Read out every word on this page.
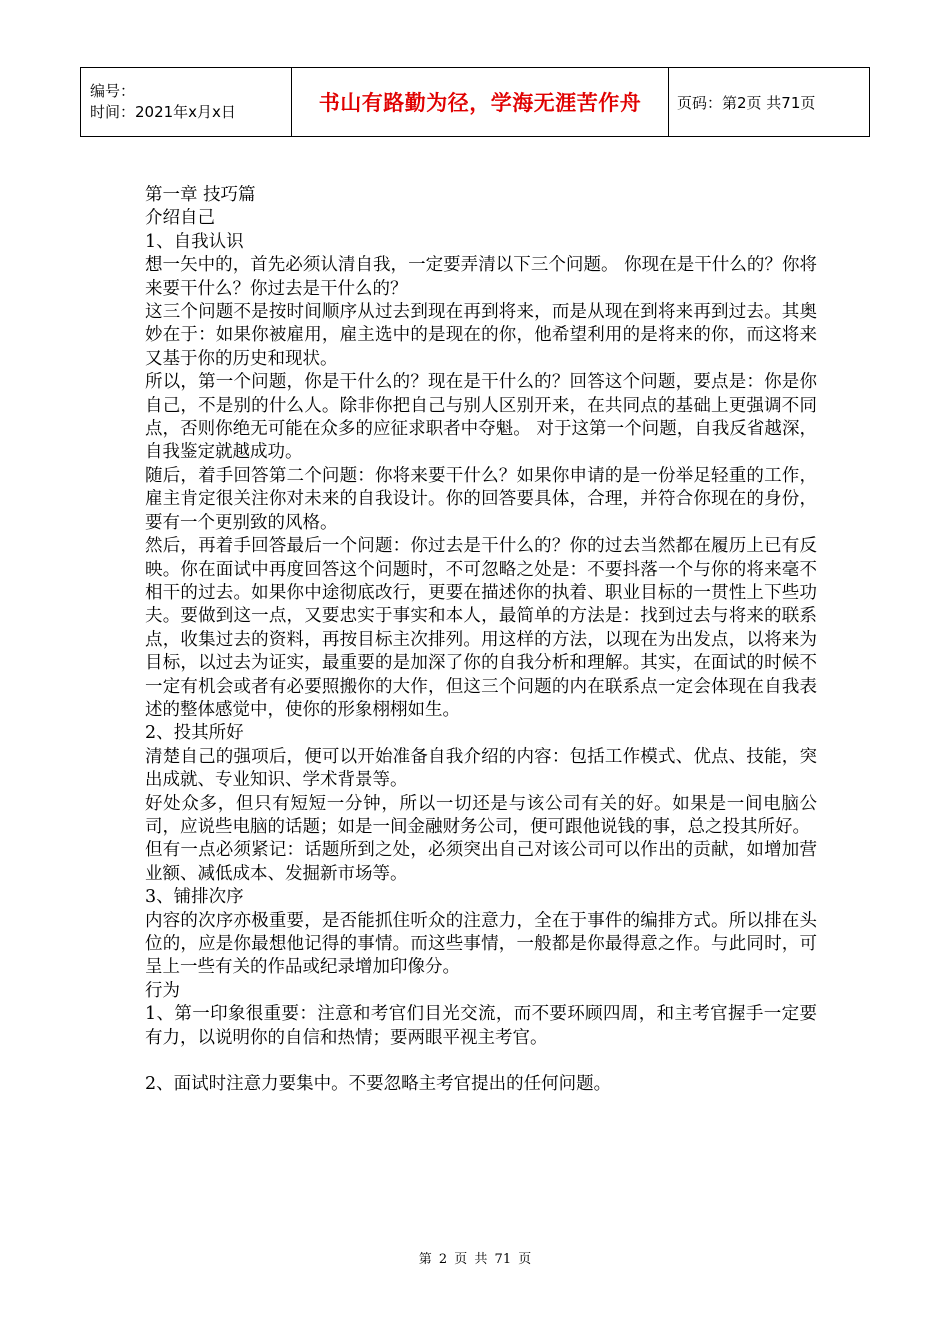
编号：
时间：2021年x月x日	书山有路勤为径，学海无涯苦作舟	页码：第2页 共71页

第一章 技巧篇

介绍自己

1、自我认识

想一矢中的，首先必须认清自我，一定要弄清以下三个问题。 你现在是干什么的？你将来要干什么？你过去是干什么的？

这三个问题不是按时间顺序从过去到现在再到将来，而是从现在到将来再到过去。其奥妙在于：如果你被雇用，雇主选中的是现在的你，他希望利用的是将来的你，而这将来又基于你的历史和现状。

所以，第一个问题，你是干什么的？现在是干什么的？回答这个问题，要点是：你是你自己，不是别的什么人。除非你把自己与别人区别开来，在共同点的基础上更强调不同点，否则你绝无可能在众多的应征求职者中夺魁。 对于这第一个问题，自我反省越深，自我鉴定就越成功。

随后，着手回答第二个问题：你将来要干什么？如果你申请的是一份举足轻重的工作，雇主肯定很关注你对未来的自我设计。你的回答要具体，合理，并符合你现在的身份，要有一个更别致的风格。

然后，再着手回答最后一个问题：你过去是干什么的？你的过去当然都在履历上已有反映。你在面试中再度回答这个问题时，不可忽略之处是：不要抖落一个与你的将来毫不相干的过去。如果你中途彻底改行，更要在描述你的执着、职业目标的一贯性上下些功夫。要做到这一点，又要忠实于事实和本人，最简单的方法是：找到过去与将来的联系点，收集过去的资料，再按目标主次排列。用这样的方法，以现在为出发点，以将来为目标，以过去为证实，最重要的是加深了你的自我分析和理解。其实，在面试的时候不一定有机会或者有必要照搬你的大作，但这三个问题的内在联系点一定会体现在自我表述的整体感觉中，使你的形象栩栩如生。

2、投其所好

清楚自己的强项后，便可以开始准备自我介绍的内容：包括工作模式、优点、技能，突出成就、专业知识、学术背景等。

好处众多，但只有短短一分钟，所以一切还是与该公司有关的好。如果是一间电脑公司，应说些电脑的话题；如是一间金融财务公司，便可跟他说钱的事，总之投其所好。

但有一点必须紧记：话题所到之处，必须突出自己对该公司可以作出的贡献，如增加营业额、减低成本、发掘新市场等。

3、铺排次序

内容的次序亦极重要，是否能抓住听众的注意力，全在于事件的编排方式。所以排在头位的，应是你最想他记得的事情。而这些事情，一般都是你最得意之作。与此同时，可呈上一些有关的作品或纪录增加印像分。

行为

1、第一印象很重要：注意和考官们目光交流，而不要环顾四周，和主考官握手一定要有力，以说明你的自信和热情；要两眼平视主考官。

2、面试时注意力要集中。不要忽略主考官提出的任何问题。

第 2 页 共 71 页
